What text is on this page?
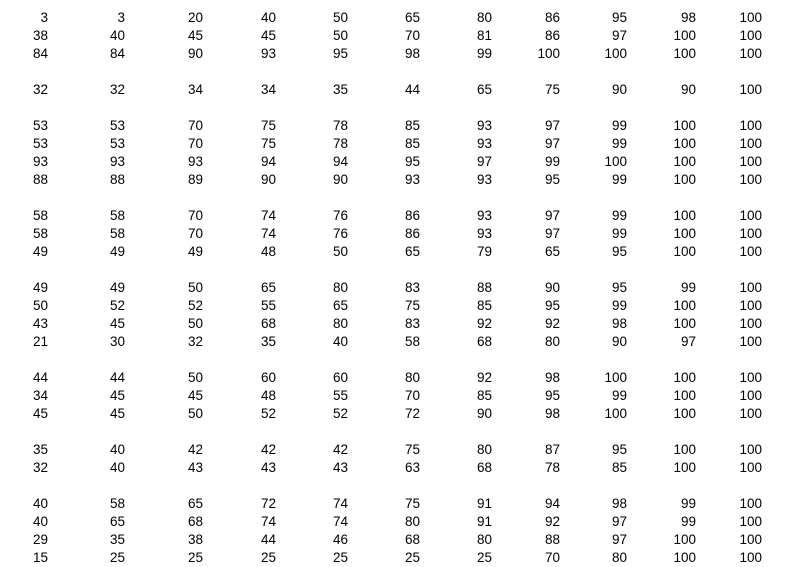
3	3	20	40	50	65	80	86	95	98	100
38	40	45	45	50	70	81	86	97	100	100
84	84	90	93	95	98	99	100	100	100	100
32	32	34	34	35	44	65	75	90	90	100
53	53	70	75	78	85	93	97	99	100	100
53	53	70	75	78	85	93	97	99	100	100
93	93	93	94	94	95	97	99	100	100	100
88	88	89	90	90	93	93	95	99	100	100
58	58	70	74	76	86	93	97	99	100	100
58	58	70	74	76	86	93	97	99	100	100
49	49	49	48	50	65	79	65	95	100	100
49	49	50	65	80	83	88	90	95	99	100
50	52	52	55	65	75	85	95	99	100	100
43	45	50	68	80	83	92	92	98	100	100
21	30	32	35	40	58	68	80	90	97	100
44	44	50	60	60	80	92	98	100	100	100
34	45	45	48	55	70	85	95	99	100	100
45	45	50	52	52	72	90	98	100	100	100
35	40	42	42	42	75	80	87	95	100	100
32	40	43	43	43	63	68	78	85	100	100
40	58	65	72	74	75	91	94	98	99	100
40	65	68	74	74	80	91	92	97	99	100
29	35	38	44	46	68	80	88	97	100	100
15	25	25	25	25	25	25	70	80	100	100
